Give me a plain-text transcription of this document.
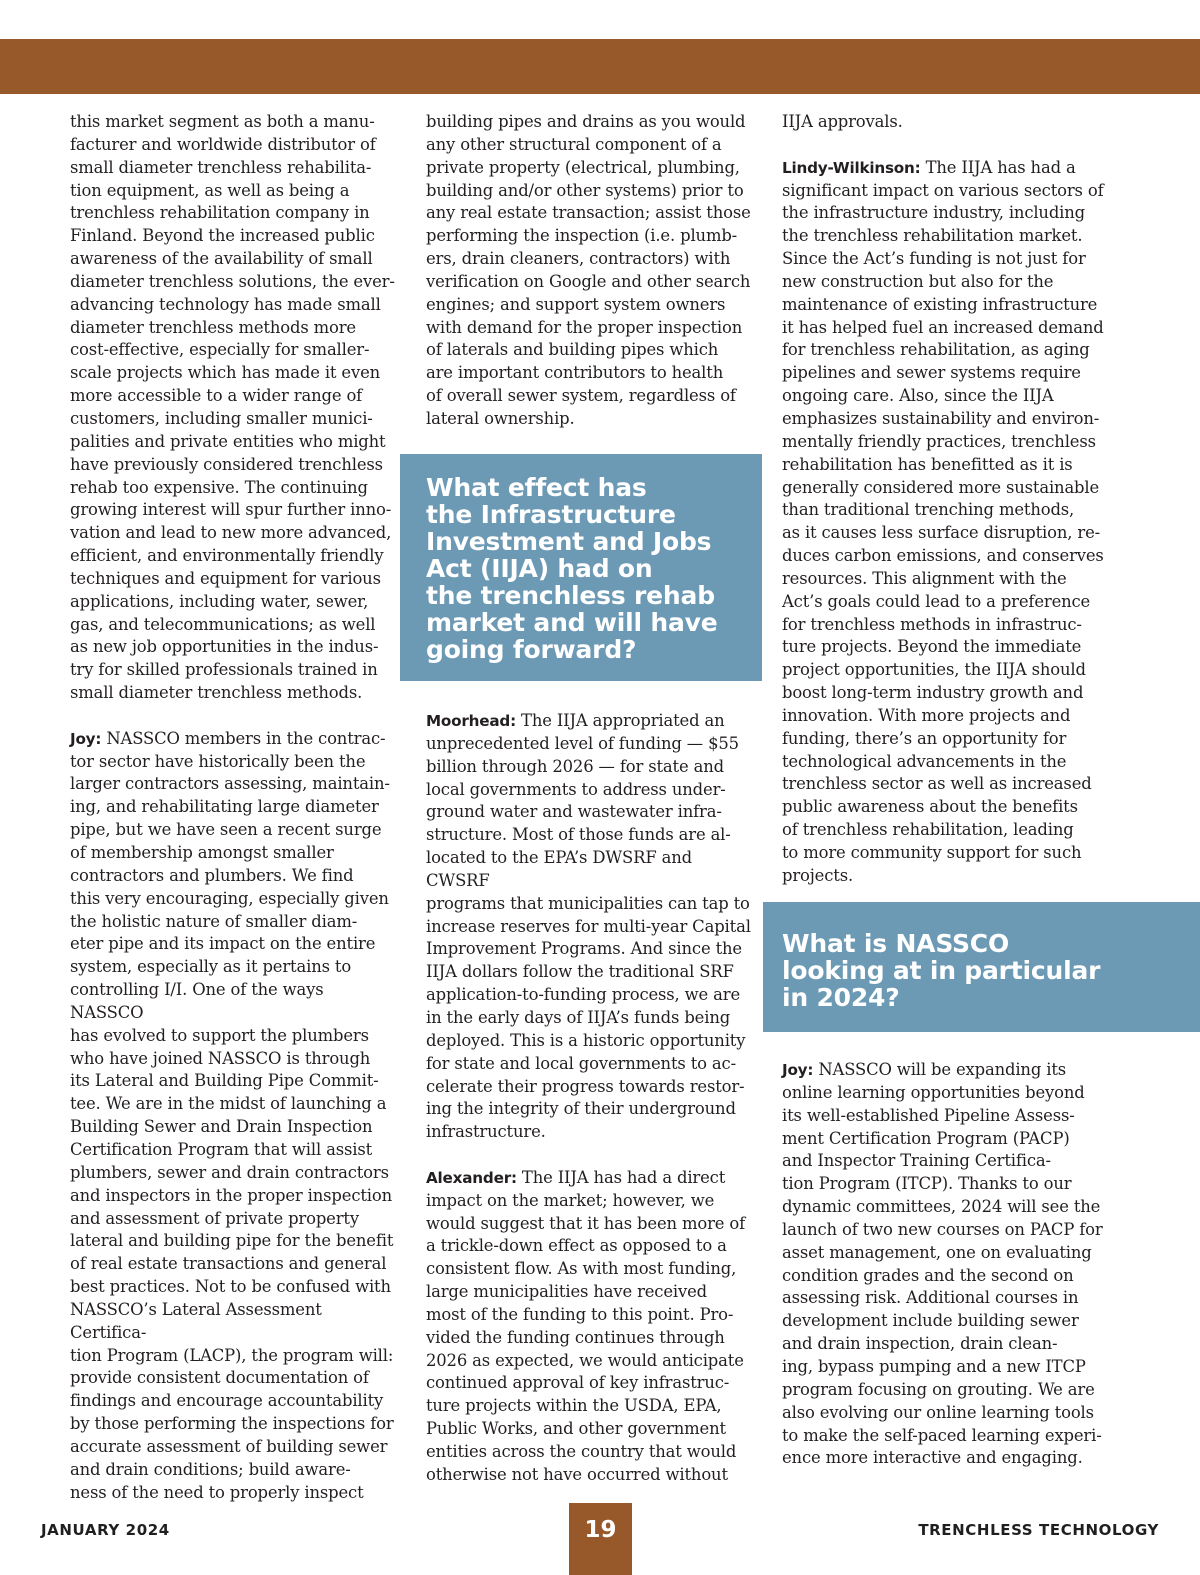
this market segment as both a manu-
facturer and worldwide distributor of
small diameter trenchless rehabilita-
tion equipment, as well as being a
trenchless rehabilitation company in
Finland. Beyond the increased public
awareness of the availability of small
diameter trenchless solutions, the ever-
advancing technology has made small
diameter trenchless methods more
cost-effective, especially for smaller-
scale projects which has made it even
more accessible to a wider range of
customers, including smaller munici-
palities and private entities who might
have previously considered trenchless
rehab too expensive. The continuing
growing interest will spur further inno-
vation and lead to new more advanced,
efficient, and environmentally friendly
techniques and equipment for various
applications, including water, sewer,
gas, and telecommunications; as well
as new job opportunities in the indus-
try for skilled professionals trained in
small diameter trenchless methods.

Joy: NASSCO members in the contrac-
tor sector have historically been the
larger contractors assessing, maintain-
ing, and rehabilitating large diameter
pipe, but we have seen a recent surge
of membership amongst smaller
contractors and plumbers. We find
this very encouraging, especially given
the holistic nature of smaller diam-
eter pipe and its impact on the entire
system, especially as it pertains to
controlling I/I. One of the ways NASSCO
has evolved to support the plumbers
who have joined NASSCO is through
its Lateral and Building Pipe Commit-
tee. We are in the midst of launching a
Building Sewer and Drain Inspection
Certification Program that will assist
plumbers, sewer and drain contractors
and inspectors in the proper inspection
and assessment of private property
lateral and building pipe for the benefit
of real estate transactions and general
best practices. Not to be confused with
NASSCO’s Lateral Assessment Certifica-
tion Program (LACP), the program will:
provide consistent documentation of
findings and encourage accountability
by those performing the inspections for
accurate assessment of building sewer
and drain conditions; build aware-
ness of the need to properly inspect

building pipes and drains as you would
any other structural component of a
private property (electrical, plumbing,
building and/or other systems) prior to
any real estate transaction; assist those
performing the inspection (i.e. plumb-
ers, drain cleaners, contractors) with
verification on Google and other search
engines; and support system owners
with demand for the proper inspection
of laterals and building pipes which
are important contributors to health
of overall sewer system, regardless of
lateral ownership.

What effect has
the Infrastructure
Investment and Jobs
Act (IIJA) had on
the trenchless rehab
market and will have
going forward?

Moorhead: The IIJA appropriated an
unprecedented level of funding — $55
billion through 2026 — for state and
local governments to address under-
ground water and wastewater infra-
structure. Most of those funds are al-
located to the EPA’s DWSRF and CWSRF
programs that municipalities can tap to
increase reserves for multi-year Capital
Improvement Programs. And since the
IIJA dollars follow the traditional SRF
application-to-funding process, we are
in the early days of IIJA’s funds being
deployed. This is a historic opportunity
for state and local governments to ac-
celerate their progress towards restor-
ing the integrity of their underground
infrastructure.

Alexander: The IIJA has had a direct
impact on the market; however, we
would suggest that it has been more of
a trickle-down effect as opposed to a
consistent flow. As with most funding,
large municipalities have received
most of the funding to this point. Pro-
vided the funding continues through
2026 as expected, we would anticipate
continued approval of key infrastruc-
ture projects within the USDA, EPA,
Public Works, and other government
entities across the country that would
otherwise not have occurred without

IIJA approvals.

Lindy-Wilkinson: The IIJA has had a
significant impact on various sectors of
the infrastructure industry, including
the trenchless rehabilitation market.
Since the Act’s funding is not just for
new construction but also for the
maintenance of existing infrastructure
it has helped fuel an increased demand
for trenchless rehabilitation, as aging
pipelines and sewer systems require
ongoing care. Also, since the IIJA
emphasizes sustainability and environ-
mentally friendly practices, trenchless
rehabilitation has benefitted as it is
generally considered more sustainable
than traditional trenching methods,
as it causes less surface disruption, re-
duces carbon emissions, and conserves
resources. This alignment with the
Act’s goals could lead to a preference
for trenchless methods in infrastruc-
ture projects. Beyond the immediate
project opportunities, the IIJA should
boost long-term industry growth and
innovation. With more projects and
funding, there’s an opportunity for
technological advancements in the
trenchless sector as well as increased
public awareness about the benefits
of trenchless rehabilitation, leading
to more community support for such
projects.

What is NASSCO
looking at in particular
in 2024?

Joy: NASSCO will be expanding its
online learning opportunities beyond
its well-established Pipeline Assess-
ment Certification Program (PACP)
and Inspector Training Certifica-
tion Program (ITCP). Thanks to our
dynamic committees, 2024 will see the
launch of two new courses on PACP for
asset management, one on evaluating
condition grades and the second on
assessing risk. Additional courses in
development include building sewer
and drain inspection, drain clean-
ing, bypass pumping and a new ITCP
program focusing on grouting. We are
also evolving our online learning tools
to make the self-paced learning experi-
ence more interactive and engaging.

JANUARY 2024	19	TRENCHLESS TECHNOLOGY
